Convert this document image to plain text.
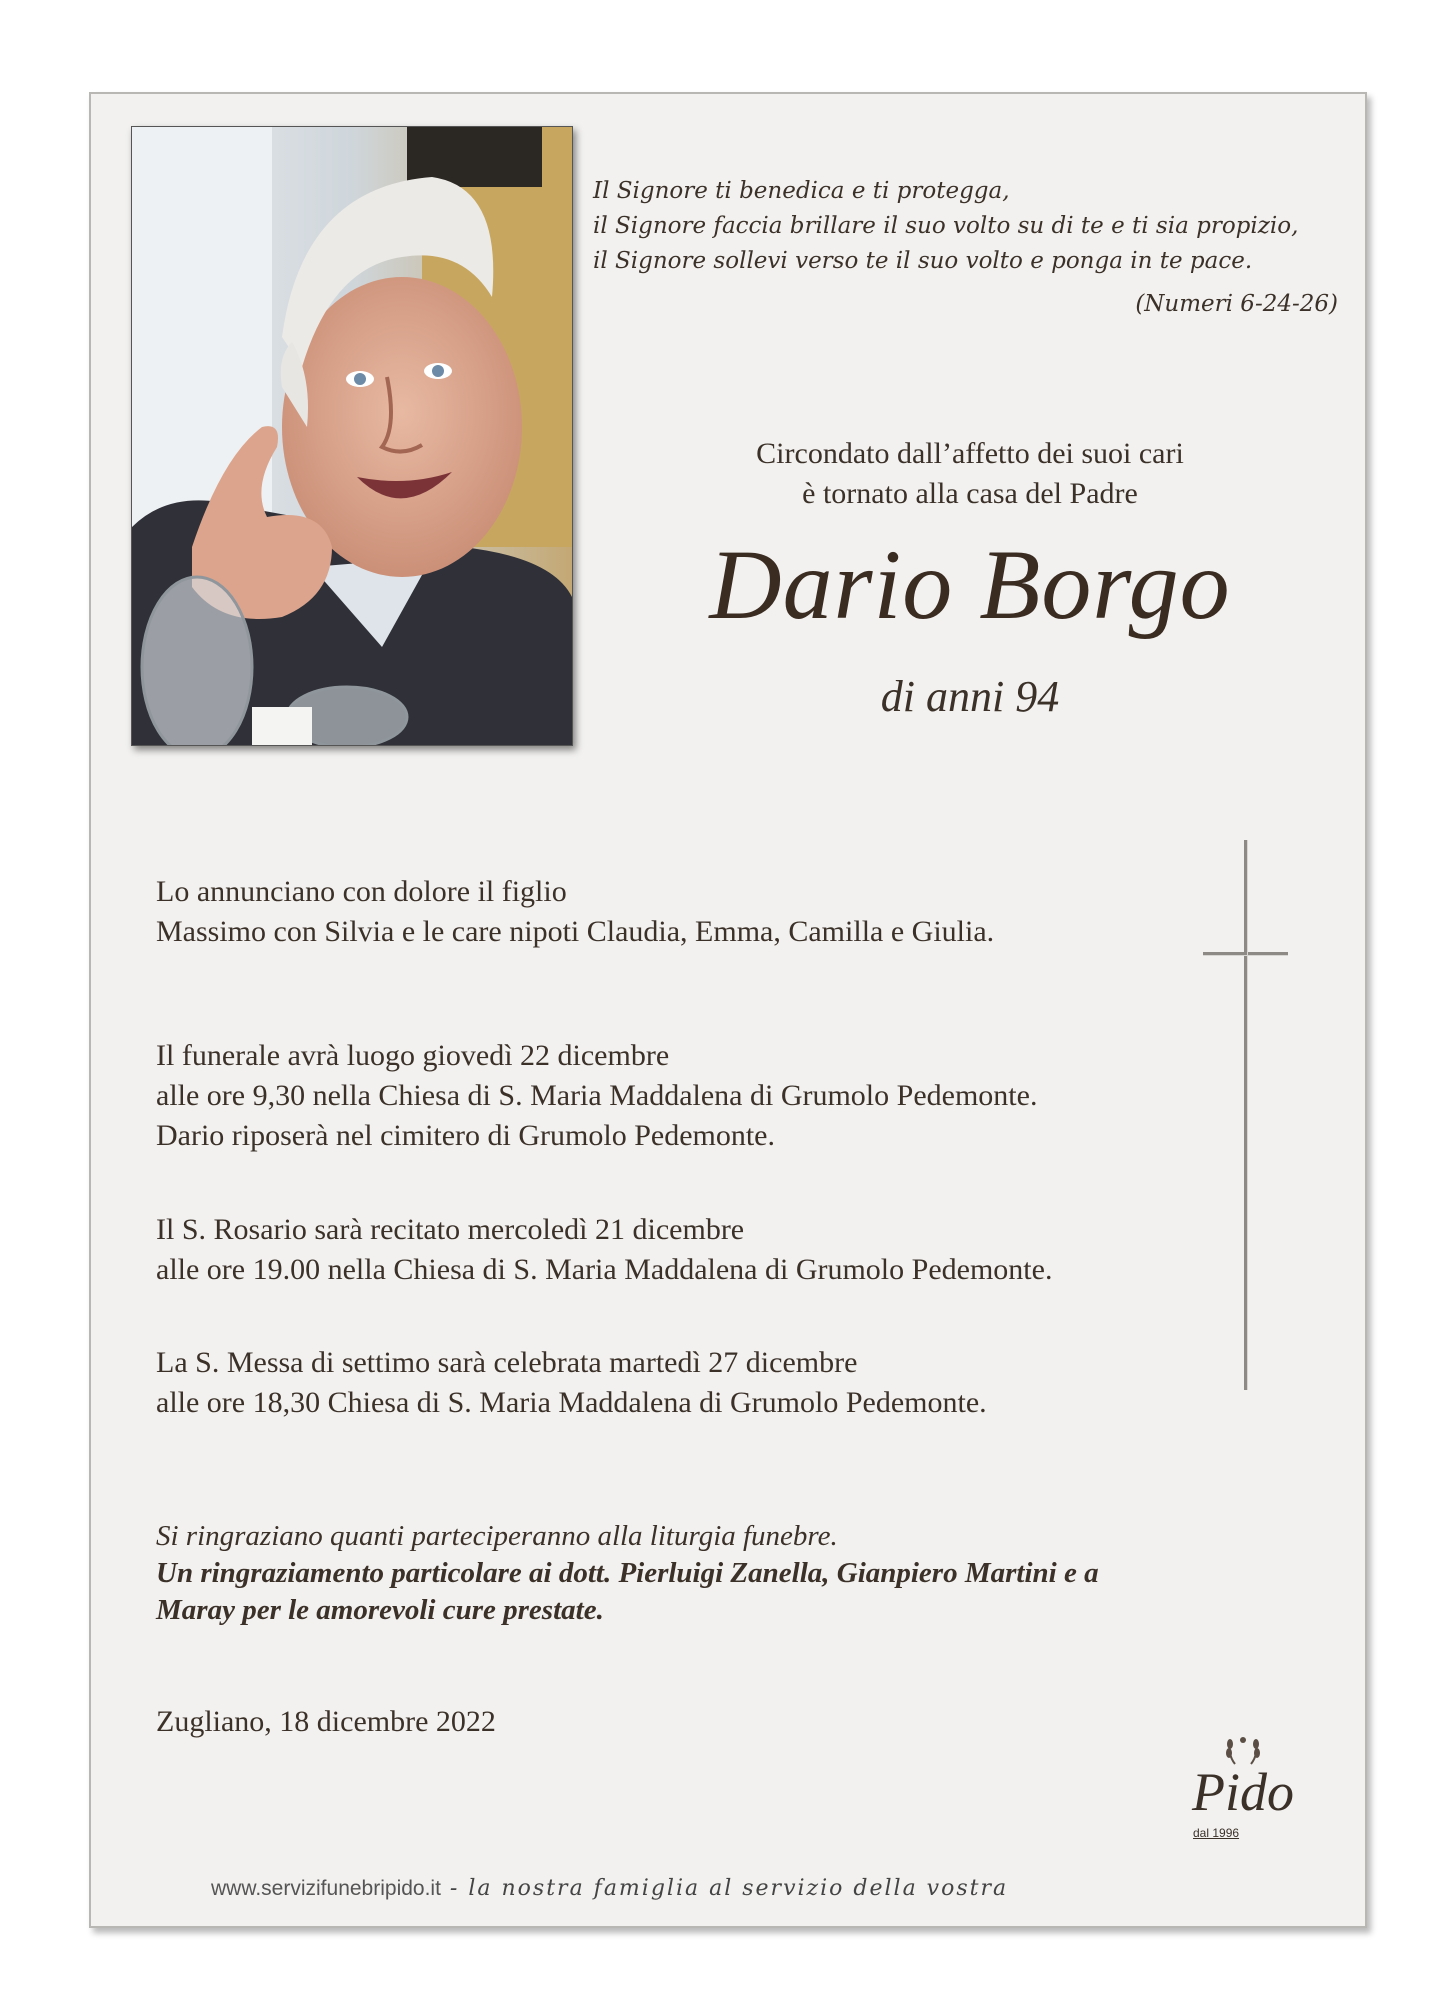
Il Signore ti benedica e ti protegga,
il Signore faccia brillare il suo volto su di te e ti sia propizio,
il Signore sollevi verso te il suo volto e ponga in te pace.
(Numeri 6-24-26)
Circondato dall’affetto dei suoi cari
è tornato alla casa del Padre
Dario Borgo
di anni 94
Lo annunciano con dolore il figlio
Massimo con Silvia e le care nipoti Claudia, Emma, Camilla e Giulia.
Il funerale avrà luogo giovedì 22 dicembre
alle ore 9,30 nella Chiesa di S. Maria Maddalena di Grumolo Pedemonte.
Dario riposerà nel cimitero di Grumolo Pedemonte.
Il S. Rosario sarà recitato mercoledì 21 dicembre
alle ore 19.00 nella Chiesa di S. Maria Maddalena di Grumolo Pedemonte.
La S. Messa di settimo sarà celebrata martedì 27 dicembre
alle ore 18,30 Chiesa di S. Maria Maddalena di Grumolo Pedemonte.
Si ringraziano quanti parteciperanno alla liturgia funebre.
Un ringraziamento particolare ai dott. Pierluigi Zanella, Gianpiero Martini e a
Maray per le amorevoli cure prestate.
Zugliano, 18 dicembre 2022
Pido
dal 1996
www.servizifunebripido.it - la nostra famiglia al servizio della vostra
